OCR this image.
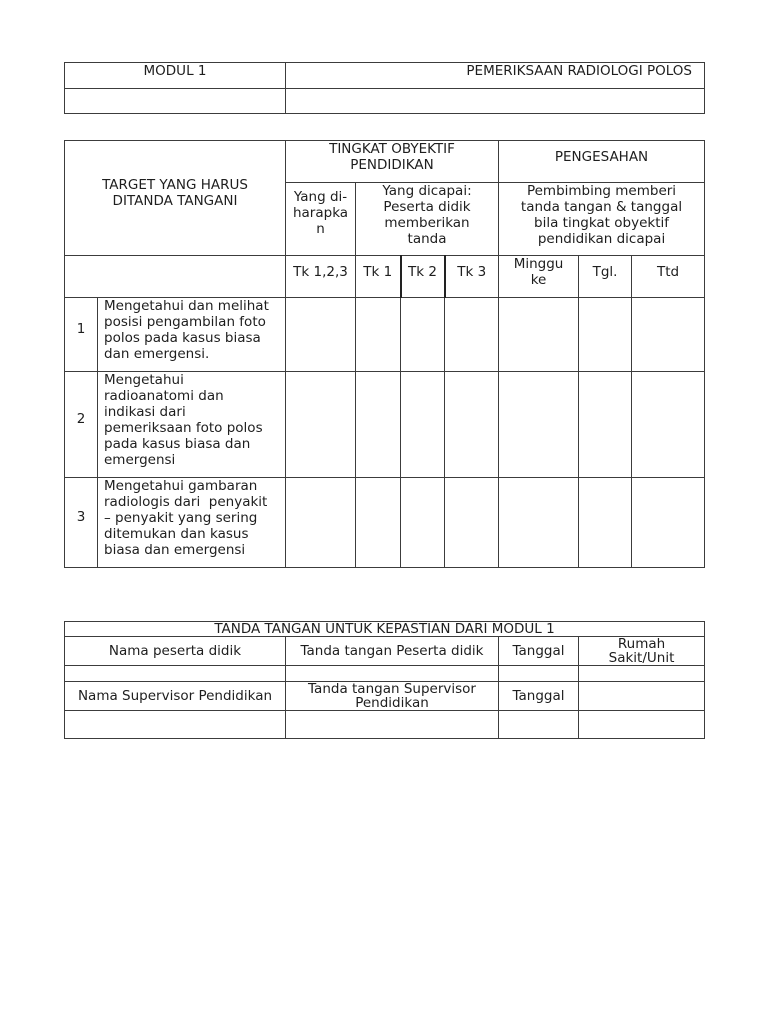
MODUL 1	PEMERIKSAAN RADIOLOGI POLOS

TARGET YANG HARUS DITANDA TANGANI		TINGKAT OBYEKTIF PENDIDIKAN				PENGESAHAN		
		Yang di-harapkan	Yang dicapai: Peserta didik memberikan tanda			Pembimbing memberi tanda tangan & tanggal bila tingkat obyektif pendidikan dicapai		
		Tk 1,2,3	Tk 1	Tk 2	Tk 3	Minggu ke	Tgl.	Ttd
1	Mengetahui dan melihat posisi pengambilan foto polos pada kasus biasa dan emergensi.							
2	Mengetahui radioanatomi dan indikasi dari pemeriksaan foto polos pada kasus biasa dan emergensi							
3	Mengetahui gambaran radiologis dari  penyakit – penyakit yang sering ditemukan dan kasus biasa dan emergensi							
TANDA TANGAN UNTUK KEPASTIAN DARI MODUL 1			
Nama peserta didik	Tanda tangan Peserta didik	Tanggal	Rumah Sakit/Unit

Nama Supervisor Pendidikan	Tanda tangan Supervisor Pendidikan	Tanggal	
